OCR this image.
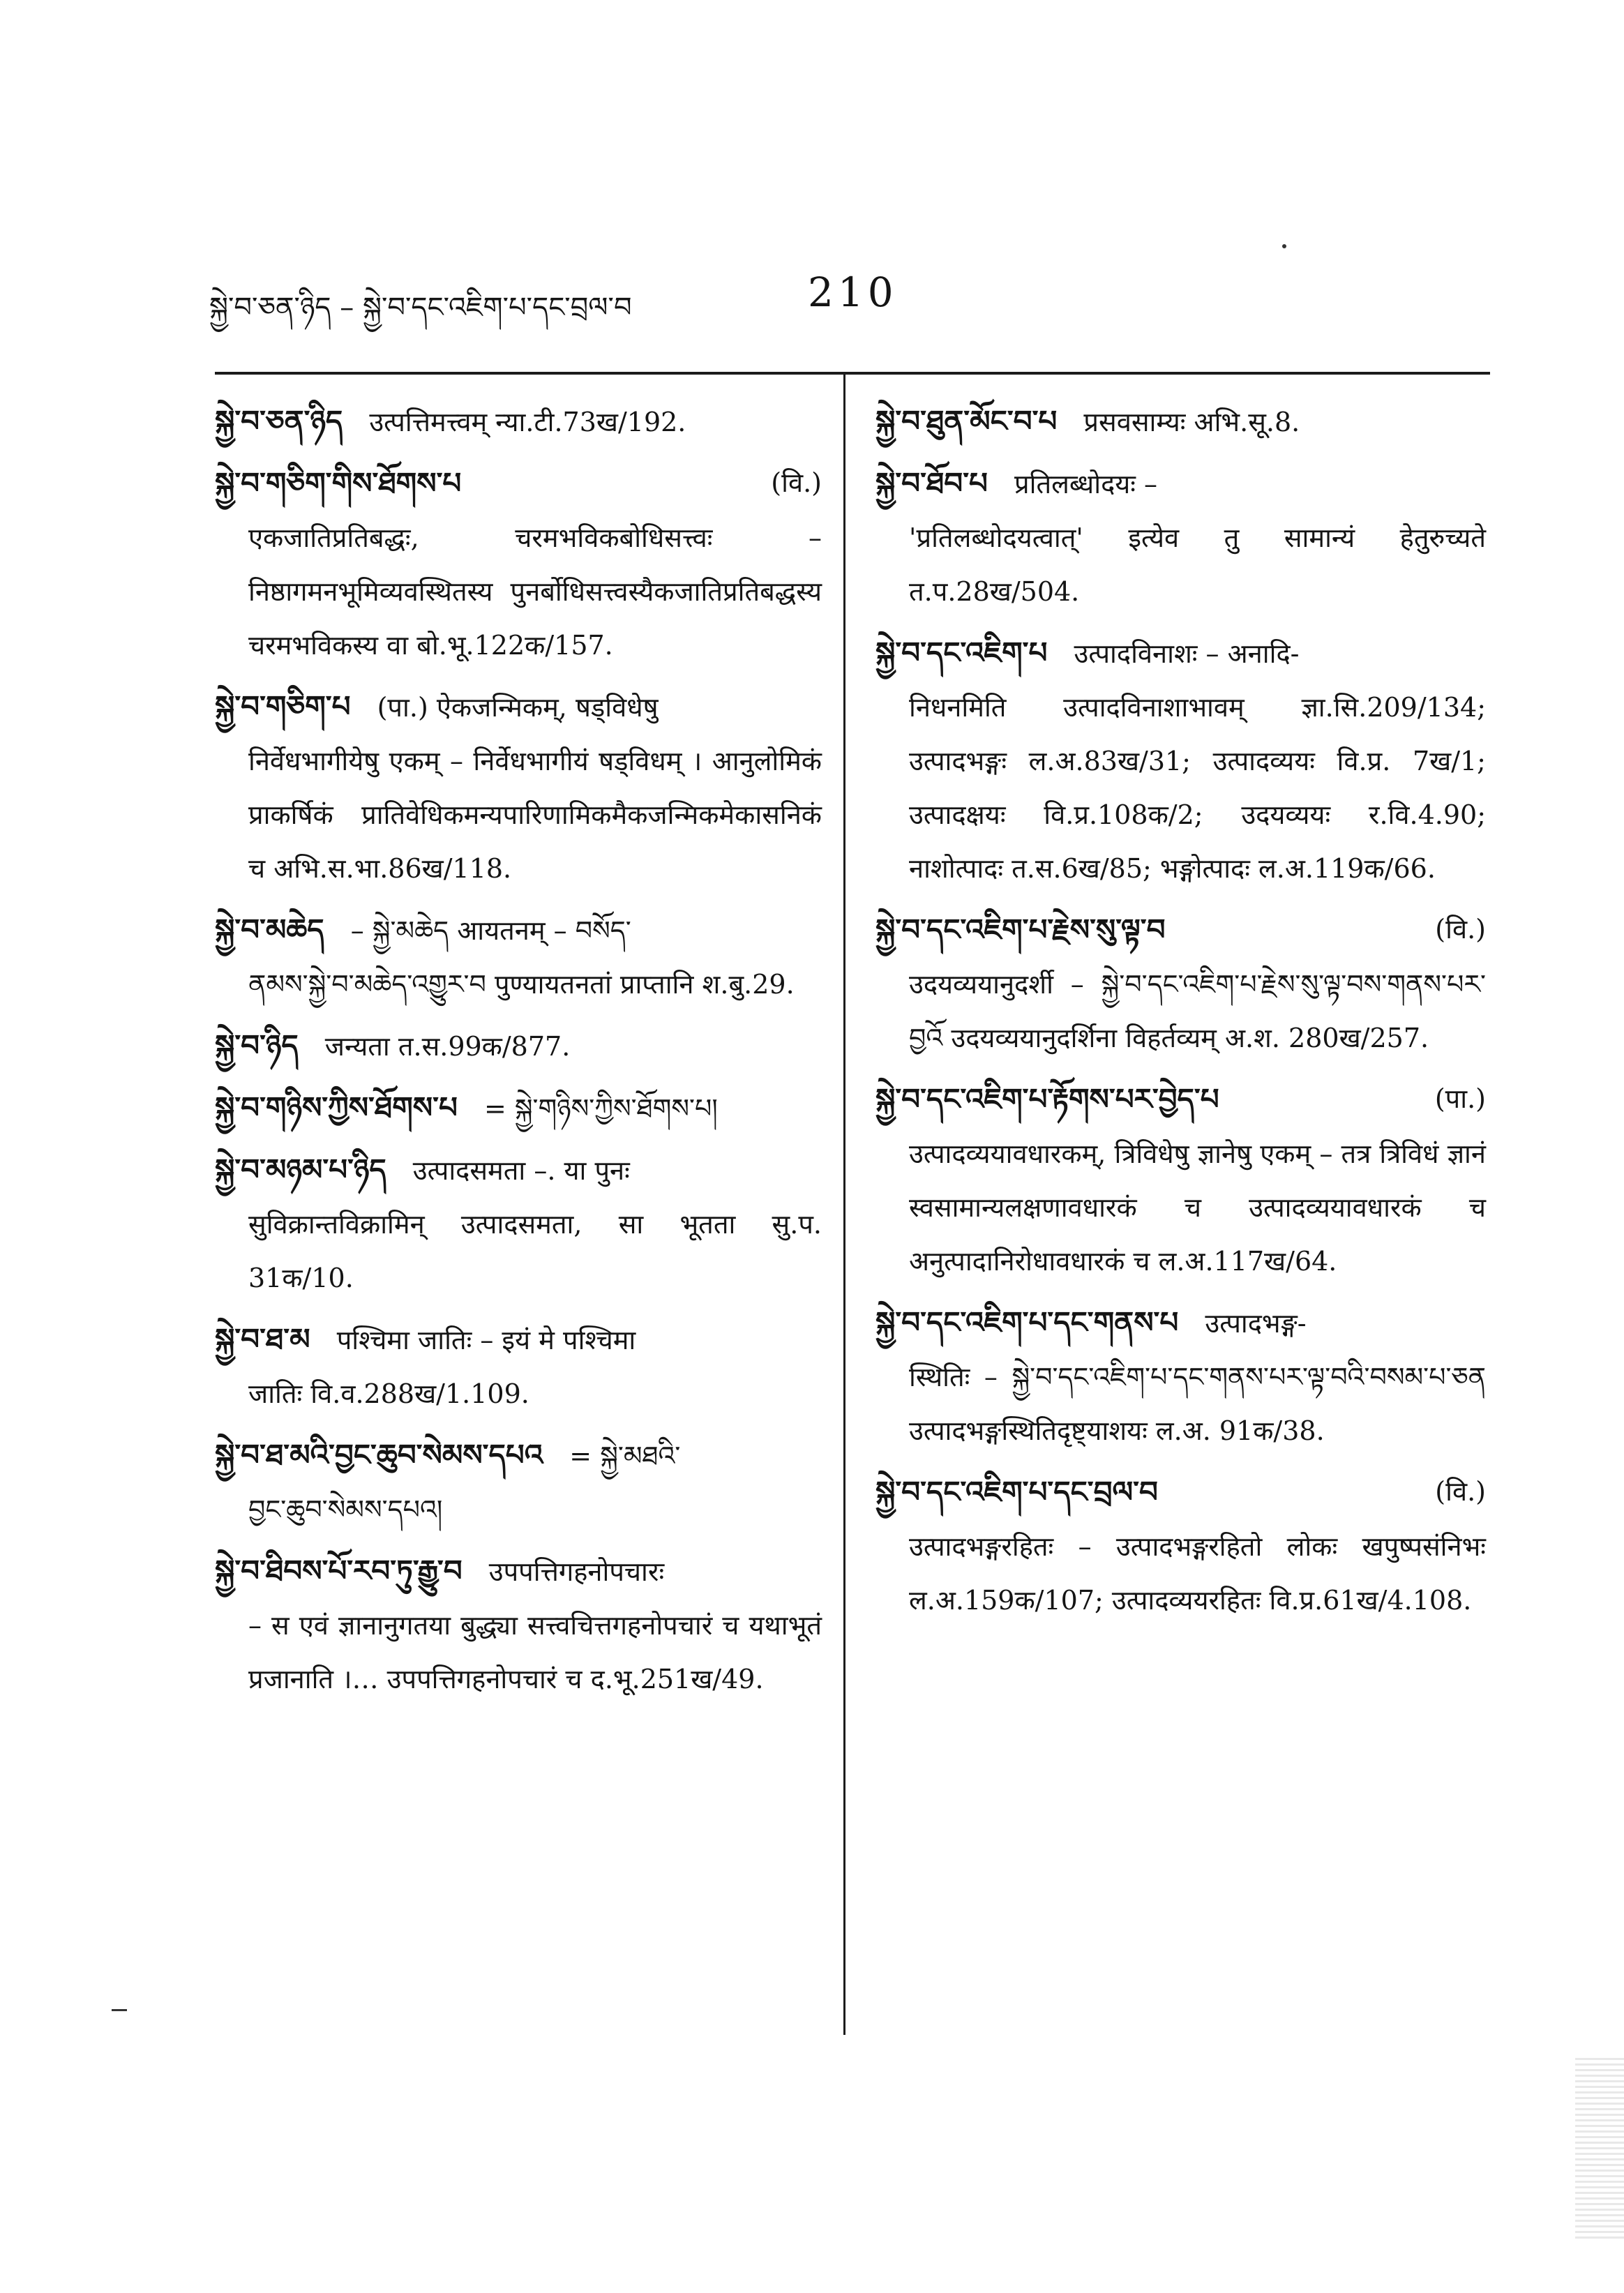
སྐྱེ་བ་ཅན་ཉིད – སྐྱེ་བ་དང་འཇིག་པ་དང་བྲལ་བ	210
སྐྱེ་བ་ཅན་ཉིད उत्पत्तिमत्त्वम् न्या.टी.73ख/192.
སྐྱེ་བ་གཅིག་གིས་ཐོགས་པ	(वि.)
एकजातिप्रतिबद्धः, चरमभविकबोधिसत्त्वः – निष्ठागमनभूमिव्यवस्थितस्य पुनर्बोधिसत्त्वस्यैकजातिप्रतिबद्धस्य चरमभविकस्य वा बो.भू.122क/157.
སྐྱེ་བ་གཅིག་པ (पा.) ऐकजन्मिकम्, षड्विधेषु
निर्वेधभागीयेषु एकम् – निर्वेधभागीयं षड्विधम् । आनुलोमिकं प्राकर्षिकं प्रातिवेधिकमन्यपारिणामिकमैकजन्मिकमेकासनिकं च अभि.स.भा.86ख/118.
སྐྱེ་བ་མཆེད – སྐྱེ་མཆེད आयतनम् – བསོད་
ནམས་སྐྱེ་བ་མཆེད་འགྱུར་བ पुण्यायतनतां प्राप्तानि श.बु.29.
སྐྱེ་བ་ཉིད जन्यता त.स.99क/877.
སྐྱེ་བ་གཉིས་ཀྱིས་ཐོགས་པ = སྐྱེ་གཉིས་ཀྱིས་ཐོགས་པ།
སྐྱེ་བ་མཉམ་པ་ཉིད उत्पादसमता –. या पुनः
सुविक्रान्तविक्रामिन् उत्पादसमता, सा भूतता सु.प. 31क/10.
སྐྱེ་བ་ཐ་མ पश्चिमा जातिः – इयं मे पश्चिमा
जातिः वि.व.288ख/1.109.
སྐྱེ་བ་ཐ་མའི་བྱང་ཆུབ་སེམས་དཔའ = སྐྱེ་མཐའི་
བྱང་ཆུབ་སེམས་དཔའ།
སྐྱེ་བ་ཐིབས་པོ་རབ་ཏུ་རྒྱུ་བ उपपत्तिगहनोपचारः
– स एवं ज्ञानानुगतया बुद्ध्या सत्त्वचित्तगहनोपचारं च यथाभूतं प्रजानाति ।… उपपत्तिगहनोपचारं च द.भू.251ख/49.
སྐྱེ་བ་ཐུན་མོང་བ་པ प्रसवसाम्यः अभि.सू.8.
སྐྱེ་བ་ཐོབ་པ प्रतिलब्धोदयः –
'प्रतिलब्धोदयत्वात्' इत्येव तु सामान्यं हेतुरुच्यते त.प.28ख/504.
སྐྱེ་བ་དང་འཇིག་པ उत्पादविनाशः – अनादि-
निधनमिति उत्पादविनाशाभावम् ज्ञा.सि.209/134; उत्पादभङ्गः ल.अ.83ख/31; उत्पादव्ययः वि.प्र. 7ख/1; उत्पादक्षयः वि.प्र.108क/2; उदयव्ययः र.वि.4.90; नाशोत्पादः त.स.6ख/85; भङ्गोत्पादः ल.अ.119क/66.
སྐྱེ་བ་དང་འཇིག་པ་རྗེས་སུ་ལྟ་བ	(वि.)
उदयव्ययानुदर्शी – སྐྱེ་བ་དང་འཇིག་པ་རྗེས་སུ་ལྟ་བས་གནས་པར་བྱའོ उदयव्ययानुदर्शिना विहर्तव्यम् अ.श. 280ख/257.
སྐྱེ་བ་དང་འཇིག་པ་རྟོགས་པར་བྱེད་པ	(पा.)
उत्पादव्ययावधारकम्, त्रिविधेषु ज्ञानेषु एकम् – तत्र त्रिविधं ज्ञानं स्वसामान्यलक्षणावधारकं च उत्पादव्ययावधारकं च अनुत्पादानिरोधावधारकं च ल.अ.117ख/64.
སྐྱེ་བ་དང་འཇིག་པ་དང་གནས་པ उत्पादभङ्ग-
स्थितिः – སྐྱེ་བ་དང་འཇིག་པ་དང་གནས་པར་ལྟ་བའི་བསམ་པ་ཅན उत्पादभङ्गस्थितिदृष्ट्याशयः ल.अ. 91क/38.
སྐྱེ་བ་དང་འཇིག་པ་དང་བྲལ་བ	(वि.)
उत्पादभङ्गरहितः – उत्पादभङ्गरहितो लोकः खपुष्पसंनिभः ल.अ.159क/107; उत्पादव्ययरहितः वि.प्र.61ख/4.108.
